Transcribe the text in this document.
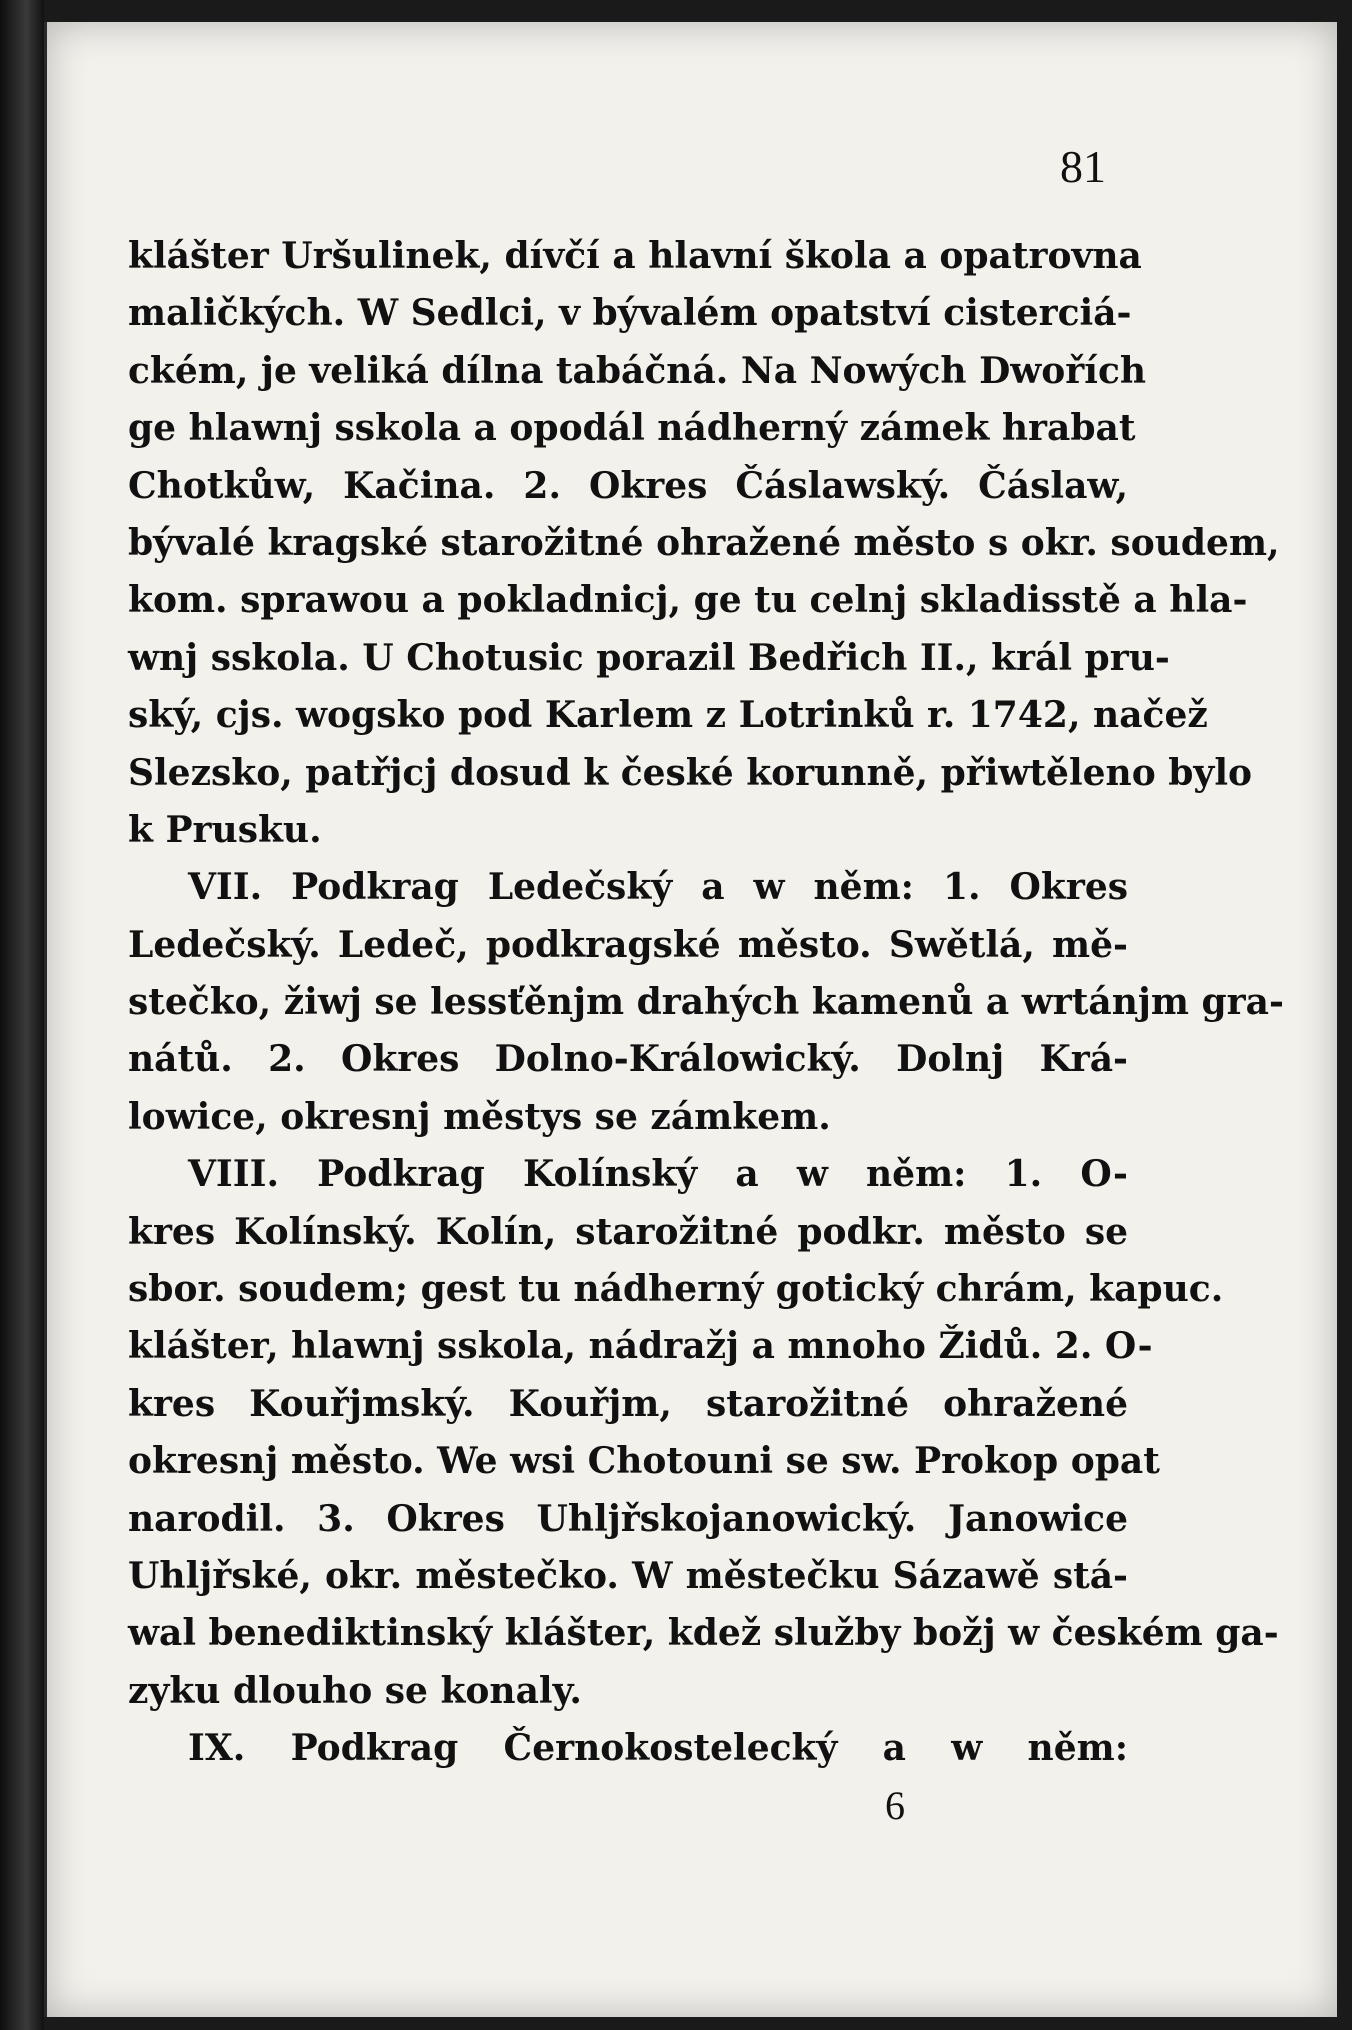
81
klášter Uršulinek, dívčí a hlavní škola a opatrovna
maličkých. W Sedlci, v bývalém opatství cisterciá-
ckém, je veliká dílna tabáčná. Na Nowých Dwořích
ge hlawnj sskola a opodál nádherný zámek hrabat
Chotkůw, Kačina. 2. Okres Čáslawský. Čáslaw,
bývalé kragské starožitné ohražené město s okr. soudem,
kom. sprawou a pokladnicj, ge tu celnj skladisstě a hla-
wnj sskola. U Chotusic porazil Bedřich II., král pru-
ský, cjs. wogsko pod Karlem z Lotrinků r. 1742, načež
Slezsko, patřjcj dosud k české korunně, přiwtěleno bylo
k Prusku.
VII. Podkrag Ledečský a w něm: 1. Okres
Ledečský. Ledeč, podkragské město. Swětlá, mě-
stečko, žiwj se lessťěnjm drahých kamenů a wrtánjm gra-
nátů. 2. Okres Dolno-Králowický. Dolnj Krá-
lowice, okresnj městys se zámkem.
VIII. Podkrag Kolínský a w něm: 1. O-
kres Kolínský. Kolín, starožitné podkr. město se
sbor. soudem; gest tu nádherný gotický chrám, kapuc.
klášter, hlawnj sskola, nádražj a mnoho Židů. 2. O-
kres Kouřjmský. Kouřjm, starožitné ohražené
okresnj město. We wsi Chotouni se sw. Prokop opat
narodil. 3. Okres Uhljřskojanowický. Janowice
Uhljřské, okr. městečko. W městečku Sázawě stá-
wal benediktinský klášter, kdež služby božj w českém ga-
zyku dlouho se konaly.
IX. Podkrag Černokostelecký a w něm:
6
